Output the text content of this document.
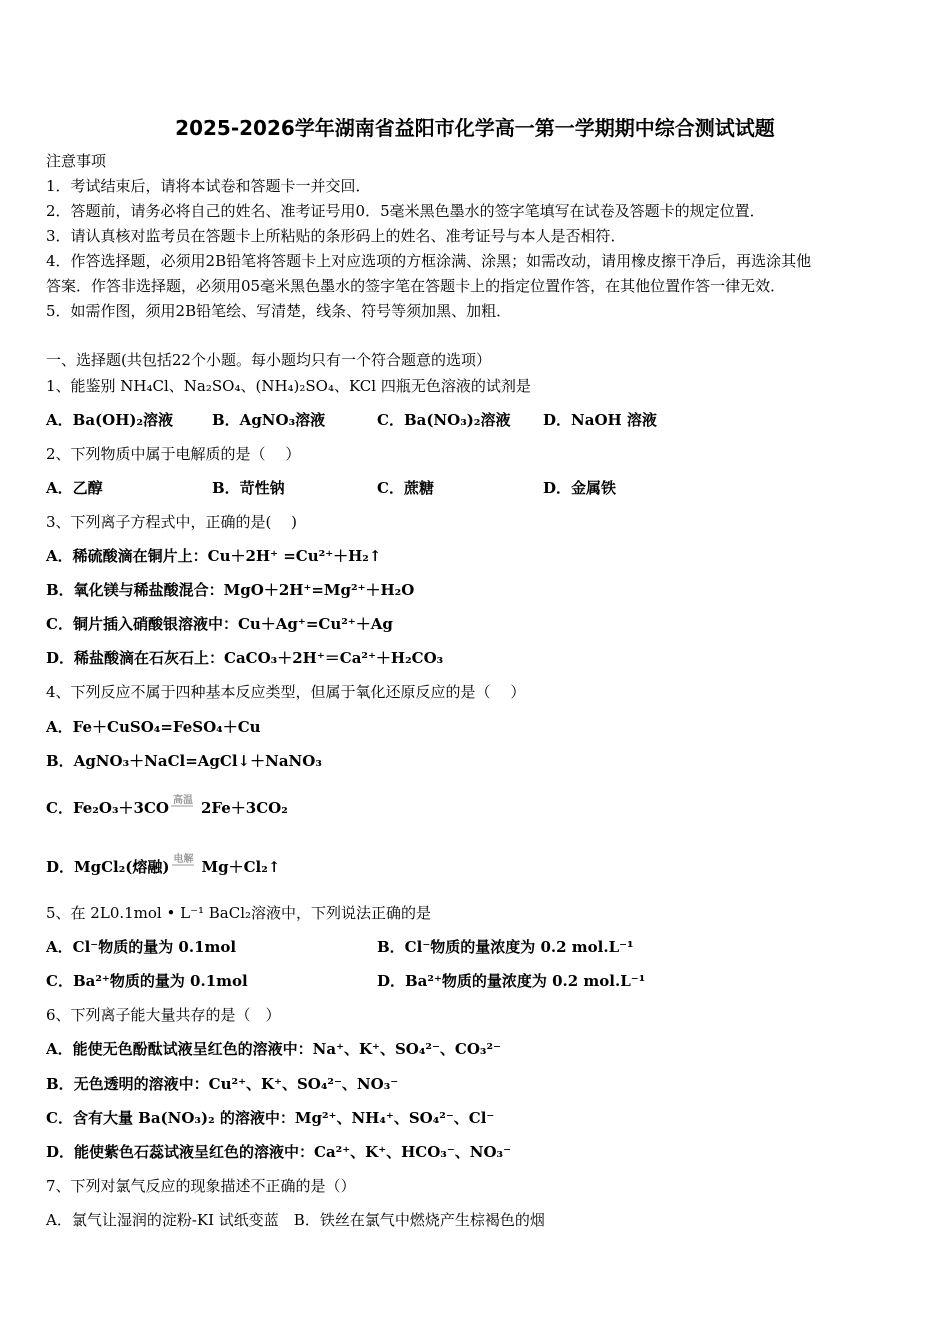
2025-2026学年湖南省益阳市化学高一第一学期期中综合测试试题
注意事项
1．考试结束后，请将本试卷和答题卡一并交回．
2．答题前，请务必将自己的姓名、准考证号用0．5毫米黑色墨水的签字笔填写在试卷及答题卡的规定位置．
3．请认真核对监考员在答题卡上所粘贴的条形码上的姓名、准考证号与本人是否相符．
4．作答选择题，必须用2B铅笔将答题卡上对应选项的方框涂满、涂黑；如需改动，请用橡皮擦干净后，再选涂其他
答案．作答非选择题，必须用05毫米黑色墨水的签字笔在答题卡上的指定位置作答，在其他位置作答一律无效．
5．如需作图，须用2B铅笔绘、写清楚，线条、符号等须加黑、加粗．
一、选择题(共包括22个小题。每小题均只有一个符合题意的选项）
1、能鉴别 NH₄Cl、Na₂SO₄、(NH₄)₂SO₄、KCl 四瓶无色溶液的试剂是
A．Ba(OH)₂溶液	B．AgNO₃溶液	C．Ba(NO₃)₂溶液 D．NaOH 溶液
2、下列物质中属于电解质的是（　 ）
A．乙醇	B．苛性钠	C．蔗糖	D．金属铁
3、下列离子方程式中，正确的是(　 )
A．稀硫酸滴在铜片上：Cu＋2H⁺ =Cu²⁺＋H₂↑
B．氧化镁与稀盐酸混合：MgO＋2H⁺=Mg²⁺＋H₂O
C．铜片插入硝酸银溶液中：Cu＋Ag⁺=Cu²⁺＋Ag
D．稀盐酸滴在石灰石上：CaCO₃＋2H⁺＝Ca²⁺＋H₂CO₃
4、下列反应不属于四种基本反应类型，但属于氧化还原反应的是（　 ）
A．Fe＋CuSO₄=FeSO₄＋Cu
B．AgNO₃＋NaCl=AgCl↓＋NaNO₃
C．Fe₂O₃＋3CO 高温 2Fe＋3CO₂
D．MgCl₂(熔融) 电解 Mg＋Cl₂↑
5、在 2L0.1mol • L⁻¹ BaCl₂溶液中，下列说法正确的是
A．Cl⁻物质的量为 0.1mol	B．Cl⁻物质的量浓度为 0.2 mol.L⁻¹
C．Ba²⁺物质的量为 0.1mol	D．Ba²⁺物质的量浓度为 0.2 mol.L⁻¹
6、下列离子能大量共存的是（　）
A．能使无色酚酞试液呈红色的溶液中：Na⁺、K⁺、SO₄²⁻、CO₃²⁻
B．无色透明的溶液中：Cu²⁺、K⁺、SO₄²⁻、NO₃⁻
C．含有大量 Ba(NO₃)₂ 的溶液中：Mg²⁺、NH₄⁺、SO₄²⁻、Cl⁻
D．能使紫色石蕊试液呈红色的溶液中：Ca²⁺、K⁺、HCO₃⁻、NO₃⁻
7、下列对氯气反应的现象描述不正确的是（）
A．氯气让湿润的淀粉-KI 试纸变蓝　B．铁丝在氯气中燃烧产生棕褐色的烟
